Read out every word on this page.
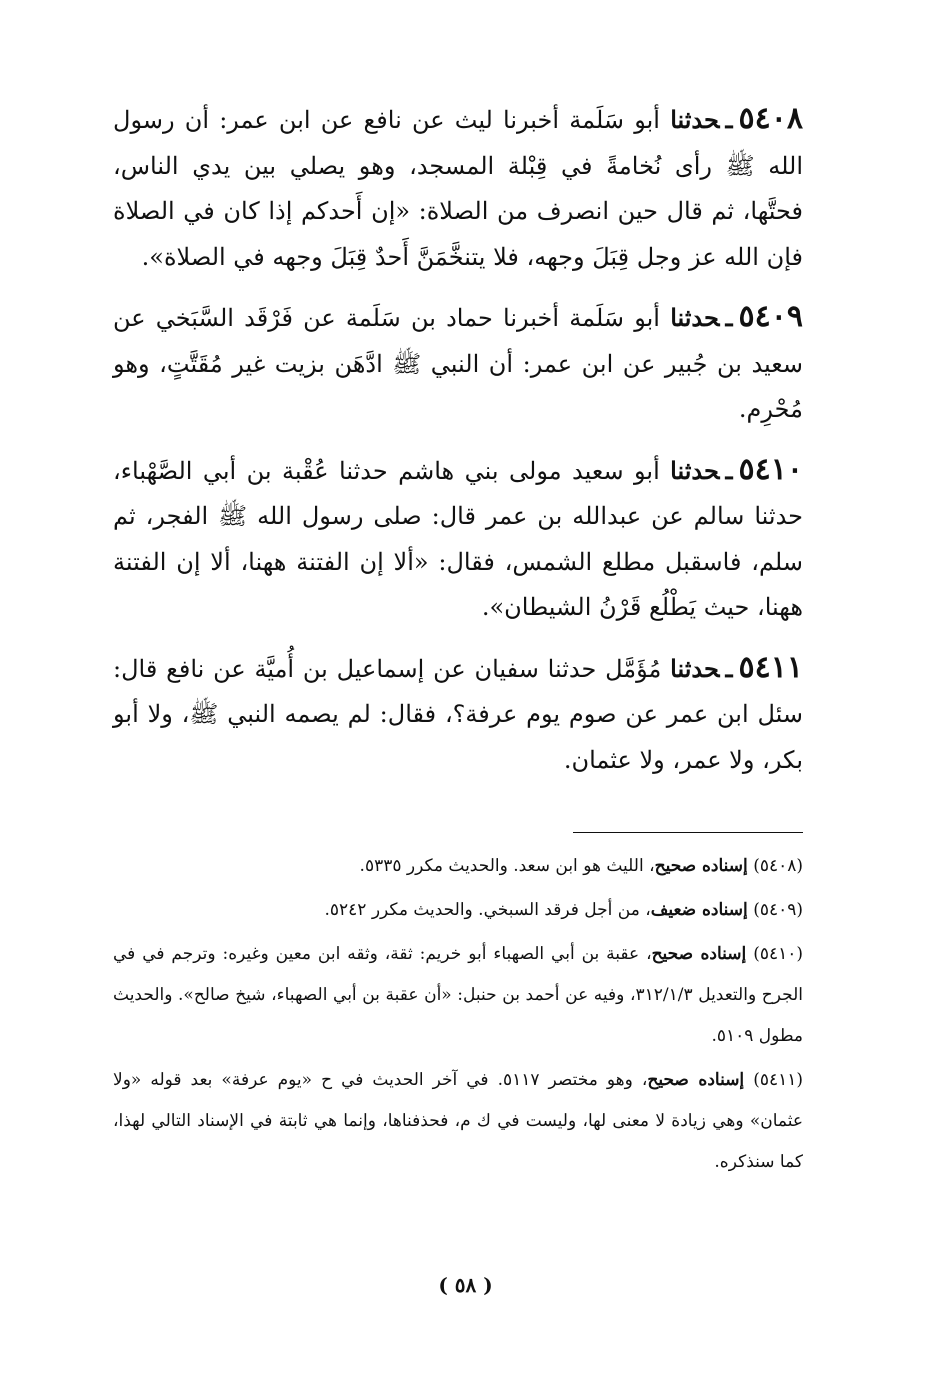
٥٤٠٨ـحدثنا أبو سَلَمة أخبرنا ليث عن نافع عن ابن عمر: أن رسول الله ﷺ رأى نُخامةً في قِبْلة المسجد، وهو يصلي بين يدي الناس، فحتَّها، ثم قال حين انصرف من الصلاة: «إن أَحدكم إذا كان في الصلاة فإن الله عز وجل قِبَلَ وجهه، فلا يتنخَّمَنَّ أَحدٌ قِبَلَ وجهه في الصلاة».

٥٤٠٩ـحدثنا أبو سَلَمة أخبرنا حماد بن سَلَمة عن فَرْقَد السَّبَخي عن سعيد بن جُبير عن ابن عمر: أن النبي ﷺ ادَّهَن بزيت غير مُقَتَّتٍ، وهو مُحْرِم.

٥٤١٠ـحدثنا أبو سعيد مولى بني هاشم حدثنا عُقْبة بن أبي الصَّهْباء، حدثنا سالم عن عبدالله بن عمر قال: صلى رسول الله ﷺ الفجر، ثم سلم، فاسقبل مطلع الشمس، فقال: «ألا إن الفتنة ههنا، ألا إن الفتنة ههنا، حيث يَطْلُع قَرْنُ الشيطان».

٥٤١١ـحدثنا مُؤَمَّل حدثنا سفيان عن إسماعيل بن أُميَّة عن نافع قال: سئل ابن عمر عن صوم يوم عرفة؟، فقال: لم يصمه النبي ﷺ، ولا أبو بكر، ولا عمر، ولا عثمان.

(٥٤٠٨) إسناده صحيح، الليث هو ابن سعد. والحديث مكرر ٥٣٣٥.

(٥٤٠٩) إسناده ضعيف، من أجل فرقد السبخي. والحديث مكرر ٥٢٤٢.

(٥٤١٠) إسناده صحيح، عقبة بن أبي الصهباء أبو خريم: ثقة، وثقه ابن معين وغيره: وترجم في في الجرح والتعديل ٣١٢/١/٣، وفيه عن أحمد بن حنبل: «أن عقبة بن أبي الصهباء، شيخ صالح». والحديث مطول ٥١٠٩.

(٥٤١١) إسناده صحيح، وهو مختصر ٥١١٧. في آخر الحديث في ح «يوم عرفة» بعد قوله «ولا عثمان» وهي زيادة لا معنى لها، وليست في ك م، فحذفناها، وإنما هي ثابتة في الإسناد التالي لهذا، كما سنذكره.

( ٥٨ )
